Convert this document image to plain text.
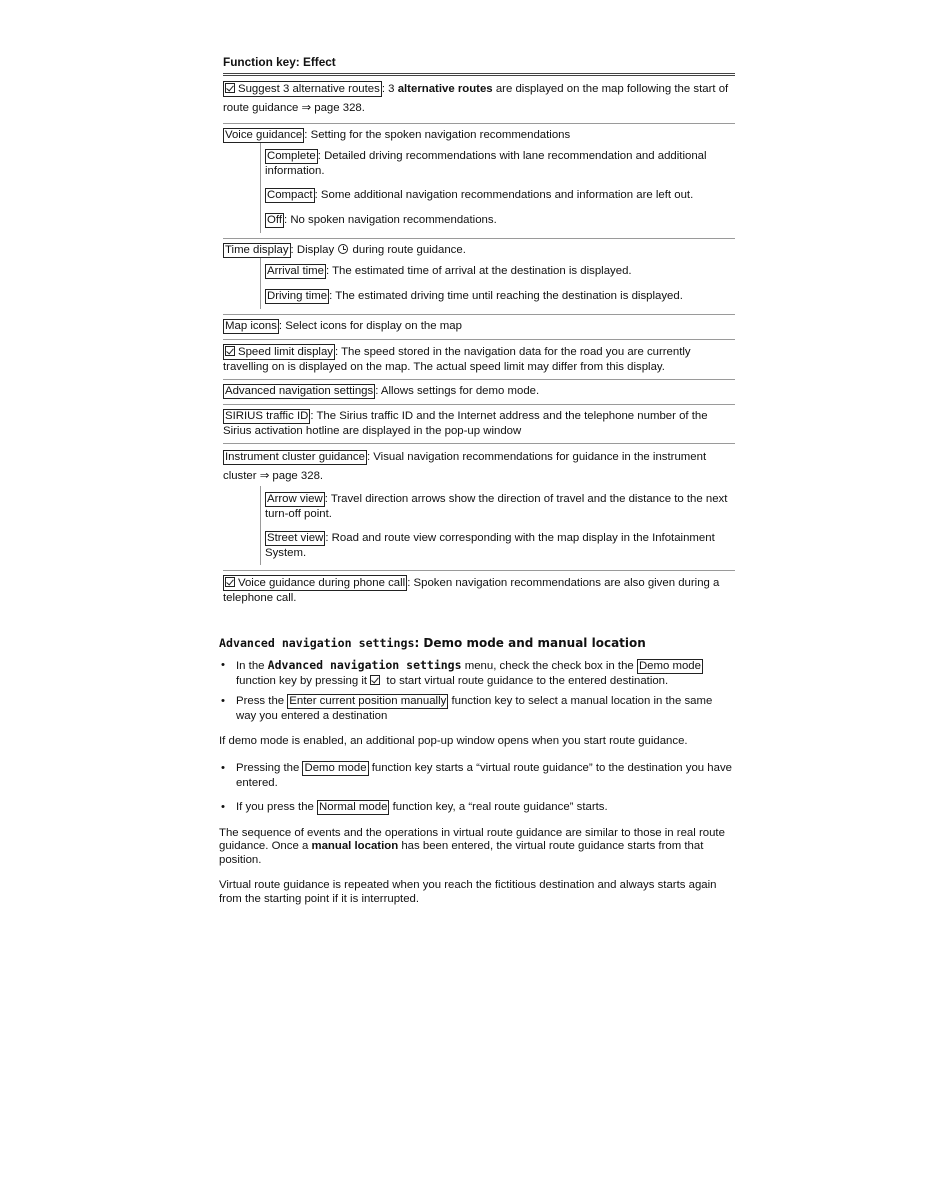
Function key: Effect

Suggest 3 alternative routes : 3 alternative routes are displayed on the map following the start of
route guidance ⇒ page 328.

Voice guidance : Setting for the spoken navigation recommendations

Complete : Detailed driving recommendations with lane recommendation and additional information.
Compact : Some additional navigation recommendations and information are left out.
Off : No spoken navigation recommendations.

Time display : Display  during route guidance.

Arrival time : The estimated time of arrival at the destination is displayed.
Driving time : The estimated driving time until reaching the destination is displayed.

Map icons : Select icons for display on the map

Speed limit display : The speed stored in the navigation data for the road you are currently travelling on is displayed on the map. The actual speed limit may differ from this display.

Advanced navigation settings : Allows settings for demo mode.

SIRIUS traffic ID : The Sirius traffic ID and the Internet address and the telephone number of the Sirius activation hotline are displayed in the pop-up window

Instrument cluster guidance : Visual navigation recommendations for guidance in the instrument
cluster ⇒ page 328.

Arrow view : Travel direction arrows show the direction of travel and the distance to the next turn-off point.
Street view : Road and route view corresponding with the map display in the Infotainment System.

Voice guidance during phone call : Spoken navigation recommendations are also given during a telephone call.

Advanced navigation settings: Demo mode and manual location
• In the Advanced navigation settings menu, check the check box in the Demo mode function key by pressing it  to start virtual route guidance to the entered destination.
• Press the Enter current position manually function key to select a manual location in the same way you entered a destination

If demo mode is enabled, an additional pop-up window opens when you start route guidance.

• Pressing the Demo mode function key starts a “virtual route guidance” to the destination you have entered.
• If you press the Normal mode function key, a “real route guidance” starts.

The sequence of events and the operations in virtual route guidance are similar to those in real route guidance. Once a manual location has been entered, the virtual route guidance starts from that position.

Virtual route guidance is repeated when you reach the fictitious destination and always starts again from the starting point if it is interrupted.
